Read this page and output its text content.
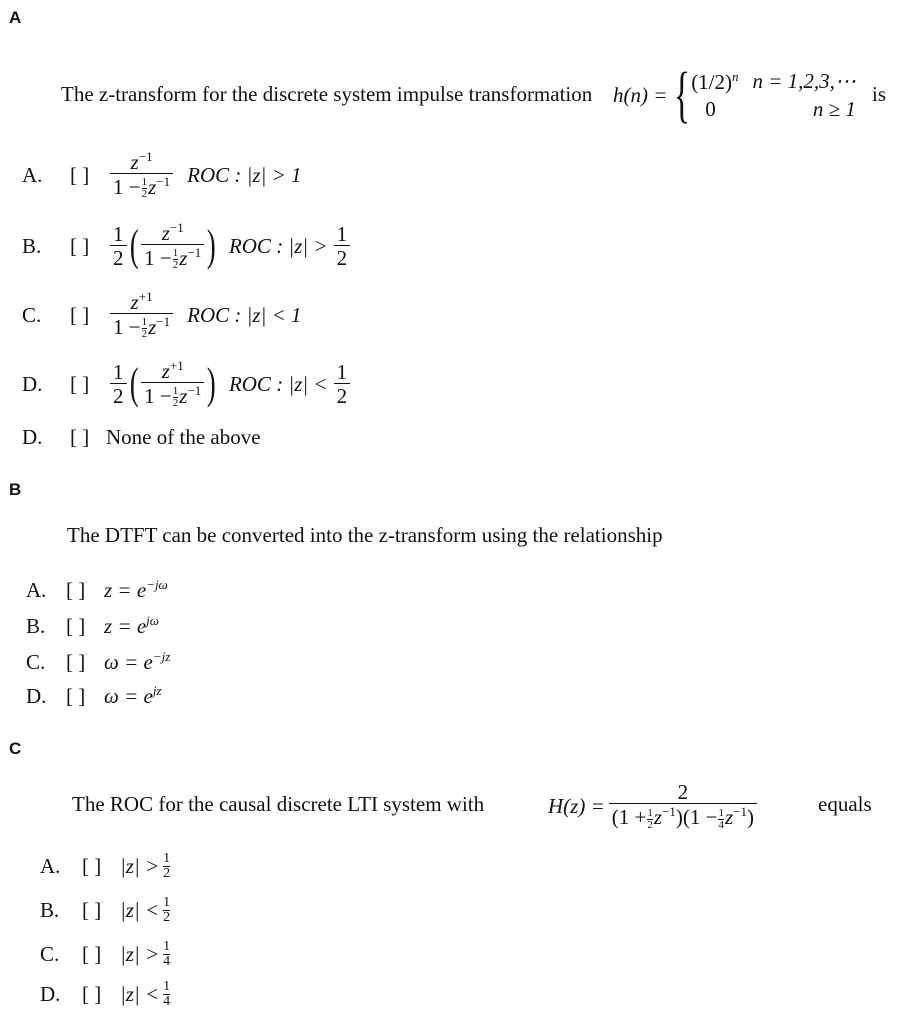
A
The z-transform for the discrete system impulse transformation h(n) = { $(1/2)^n$ n = 1,2,3,⋯
0	n ≥ 1
is
A.	[ ] $\frac{z^{-1}}{1 - \frac{1}{2} z^{-1}}$ ROC : |z| > 1
B.	[ ] $\frac{1}{2}$ ( $\frac{z^{-1}}{1 - \frac{1}{2} z^{-1}}$ ) ROC : $|z| > \frac{1}{2}$
C.	[ ] $\frac{z^{+1}}{1 - \frac{1}{2} z^{-1}}$ ROC : |z| < 1
D.	[ ] $\frac{1}{2}$ ( $\frac{z^{+1}}{1 - \frac{1}{2} z^{-1}}$ ) ROC : $|z| < \frac{1}{2}$
D.	[ ] None of the above
B
The DTFT can be converted into the z-transform using the relationship
A. [ ] $z = e^{-j\omega}$
B. [ ] $z = e^{j\omega}$
C. [ ] $\omega = e^{-jz}$
D. [ ] $\omega = e^{jz}$
C
The ROC for the causal discrete LTI system with	$H(z) = \frac{2}{(1 + \frac{1}{2} z^{-1})(1 - \frac{1}{4} z^{-1})}$	equals
A.	[ ] |z| > 1
2
B.	[ ] |z| < 1
2
C.	[ ] |z| > 1
4
D.	[ ] |z| < 1
4
